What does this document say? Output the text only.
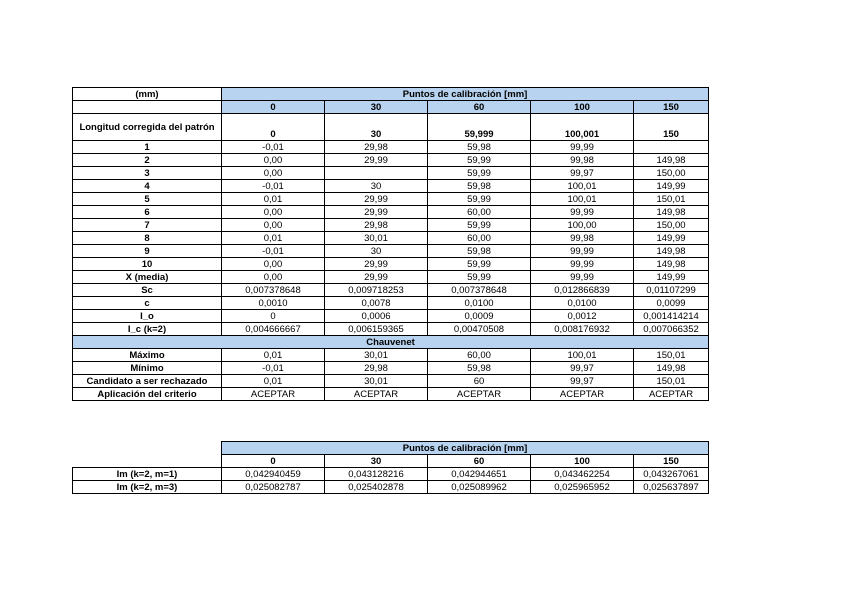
(mm)	Puntos de calibración [mm]				
	0	30	60	100	150
Longitud corregida del patrón	0	30	59,999	100,001	150
1	-0,01	29,98	59,98	99,99	
2	0,00	29,99	59,99	99,98	149,98
3	0,00		59,99	99,97	150,00
4	-0,01	30	59,98	100,01	149,99
5	0,01	29,99	59,99	100,01	150,01
6	0,00	29,99	60,00	99,99	149,98
7	0,00	29,98	59,99	100,00	150,00
8	0,01	30,01	60,00	99,98	149,99
9	-0,01	30	59,98	99,99	149,98
10	0,00	29,99	59,99	99,99	149,98
X (media)	0,00	29,99	59,99	99,99	149,99
Sc	0,007378648	0,009718253	0,007378648	0,012866839	0,01107299
c	0,0010	0,0078	0,0100	0,0100	0,0099
I_o	0	0,0006	0,0009	0,0012	0,001414214
I_c (k=2)	0,004666667	0,006159365	0,00470508	0,008176932	0,007066352
Chauvenet					
Máximo	0,01	30,01	60,00	100,01	150,01
Mínimo	-0,01	29,98	59,98	99,97	149,98
Candidato a ser rechazado	0,01	30,01	60	99,97	150,01
Aplicación del criterio	ACEPTAR	ACEPTAR	ACEPTAR	ACEPTAR	ACEPTAR
	Puntos de calibración [mm]				
	0	30	60	100	150
Im (k=2, m=1)	0,042940459	0,043128216	0,042944651	0,043462254	0,043267061
Im (k=2, m=3)	0,025082787	0,025402878	0,025089962	0,025965952	0,025637897
